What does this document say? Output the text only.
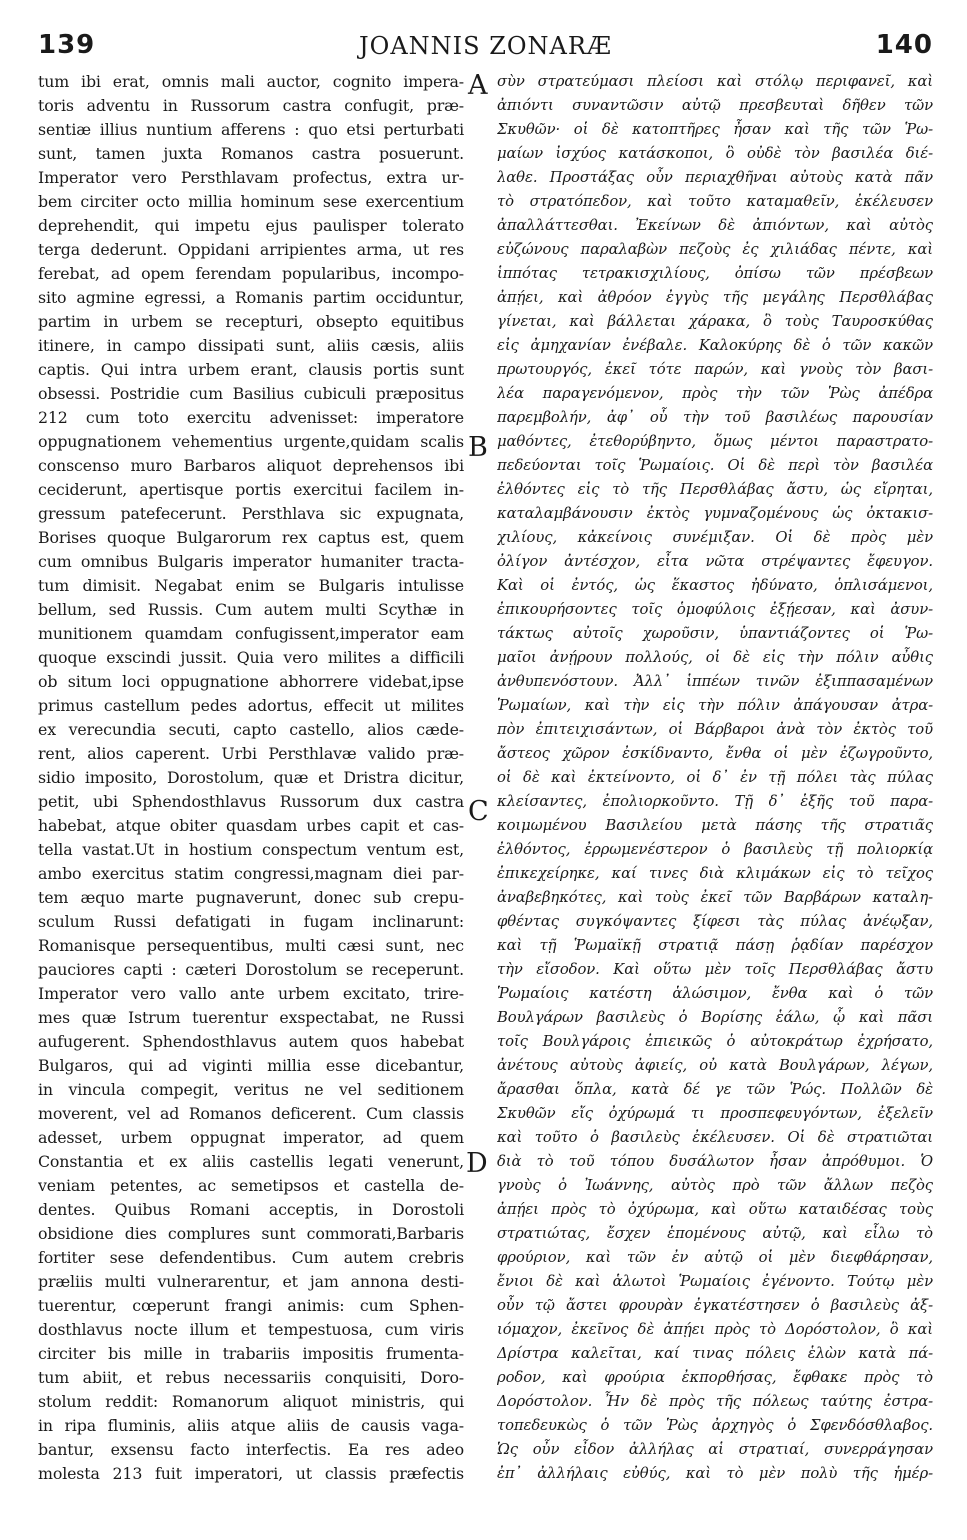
139	JOANNIS ZONARÆ	140
tum ibi erat, omnis mali auctor, cognito impera-
toris adventu in Russorum castra confugit, præ-
sentiæ illius nuntium afferens : quo etsi perturbati
sunt, tamen juxta Romanos castra posuerunt.
Imperator vero Persthlavam profectus, extra ur-
bem circiter octo millia hominum sese exercentium
deprehendit, qui impetu ejus paulisper tolerato
terga dederunt. Oppidani arripientes arma, ut res
ferebat, ad opem ferendam popularibus, incompo-
sito agmine egressi, a Romanis partim occiduntur,
partim in urbem se recepturi, obsepto equitibus
itinere, in campo dissipati sunt, aliis cæsis, aliis
captis. Qui intra urbem erant, clausis portis sunt
obsessi. Postridie cum Basilius cubiculi præpositus
212 cum toto exercitu advenisset: imperatore
oppugnationem vehementius urgente,quidam scalis
conscenso muro Barbaros aliquot deprehensos ibi
ceciderunt, apertisque portis exercitui facilem in-
gressum patefecerunt. Persthlava sic expugnata,
Borises quoque Bulgarorum rex captus est, quem
cum omnibus Bulgaris imperator humaniter tracta-
tum dimisit. Negabat enim se Bulgaris intulisse
bellum, sed Russis. Cum autem multi Scythæ in
munitionem quamdam confugissent,imperator eam
quoque exscindi jussit. Quia vero milites a difficili
ob situm loci oppugnatione abhorrere videbat,ipse
primus castellum pedes adortus, effecit ut milites
ex verecundia secuti, capto castello, alios cæde-
rent, alios caperent. Urbi Persthlavæ valido præ-
sidio imposito, Dorostolum, quæ et Dristra dicitur,
petit, ubi Sphendosthlavus Russorum dux castra
habebat, atque obiter quasdam urbes capit et cas-
tella vastat.Ut in hostium conspectum ventum est,
ambo exercitus statim congressi,magnam diei par-
tem æquo marte pugnaverunt, donec sub crepu-
sculum Russi defatigati in fugam inclinarunt:
Romanisque persequentibus, multi cæsi sunt, nec
pauciores capti : cæteri Dorostolum se receperunt.
Imperator vero vallo ante urbem excitato, trire-
mes quæ Istrum tuerentur exspectabat, ne Russi
aufugerent. Sphendosthlavus autem quos habebat
Bulgaros, qui ad viginti millia esse dicebantur,
in vincula compegit, veritus ne vel seditionem
moverent, vel ad Romanos deficerent. Cum classis
adesset, urbem oppugnat imperator, ad quem
Constantia et ex aliis castellis legati venerunt,
veniam petentes, ac semetipsos et castella de-
dentes. Quibus Romani acceptis, in Dorostoli
obsidione dies complures sunt commorati,Barbaris
fortiter sese defendentibus. Cum autem crebris
præliis multi vulnerarentur, et jam annona desti-
tuerentur, cœperunt frangi animis: cum Sphen-
dosthlavus nocte illum et tempestuosa, cum viris
circiter bis mille in trabariis impositis frumenta-
tum abiit, et rebus necessariis conquisiti, Doro-
stolum reddit: Romanorum aliquot ministris, qui
in ripa fluminis, aliis atque aliis de causis vaga-
bantur, exsensu facto interfectis. Ea res adeo
molesta 213 fuit imperatori, ut classis præfectis
σὺν στρατεύμασι πλείοσι καὶ στόλῳ περιφανεῖ, καὶ
ἀπιόντι συναντῶσιν αὐτῷ πρεσβευταὶ δῆθεν τῶν
Σκυθῶν· οἱ δὲ κατοπτῆρες ἦσαν καὶ τῆς τῶν Ῥω-
μαίων ἰσχύος κατάσκοποι, ὃ οὐδὲ τὸν βασιλέα διέ-
λαθε. Προστάξας οὖν περιαχθῆναι αὐτοὺς κατὰ πᾶν
τὸ στρατόπεδον, καὶ τοῦτο καταμαθεῖν, ἐκέλευσεν
ἀπαλλάττεσθαι. Ἐκείνων δὲ ἀπιόντων, καὶ αὐτὸς
εὐζώνους παραλαβὼν πεζοὺς ἐς χιλιάδας πέντε, καὶ
ἱππότας τετρακισχιλίους, ὀπίσω τῶν πρέσβεων
ἀπῄει, καὶ ἀθρόον ἐγγὺς τῆς μεγάλης Περσθλάβας
γίνεται, καὶ βάλλεται χάρακα, ὃ τοὺς Ταυροσκύθας
εἰς ἀμηχανίαν ἐνέβαλε. Καλοκύρης δὲ ὁ τῶν κακῶν
πρωτουργός, ἐκεῖ τότε παρών, καὶ γνοὺς τὸν βασι-
λέα παραγενόμενον, πρὸς τὴν τῶν Ῥὼς ἀπέδρα
παρεμβολήν, ἀφ᾽ οὗ τὴν τοῦ βασιλέως παρουσίαν
μαθόντες, ἐτεθορύβηντο, ὅμως μέντοι παραστρατο-
πεδεύονται τοῖς Ῥωμαίοις. Οἱ δὲ περὶ τὸν βασιλέα
ἐλθόντες εἰς τὸ τῆς Περσθλάβας ἄστυ, ὡς εἴρηται,
καταλαμβάνουσιν ἐκτὸς γυμναζομένους ὡς ὀκτακισ-
χιλίους, κἀκείνοις συνέμιξαν. Οἱ δὲ πρὸς μὲν
ὀλίγον ἀντέσχον, εἶτα νῶτα στρέψαντες ἔφευγον.
Καὶ οἱ ἐντός, ὡς ἕκαστος ἠδύνατο, ὁπλισάμενοι,
ἐπικουρήσοντες τοῖς ὁμοφύλοις ἐξῄεσαν, καὶ ἀσυν-
τάκτως αὐτοῖς χωροῦσιν, ὑπαντιάζοντες οἱ Ῥω-
μαῖοι ἀνῄρουν πολλούς, οἱ δὲ εἰς τὴν πόλιν αὖθις
ἀνθυπενόστουν. Ἀλλ᾽ ἱππέων τινῶν ἐξιππασαμένων
Ῥωμαίων, καὶ τὴν εἰς τὴν πόλιν ἀπάγουσαν ἀτρα-
πὸν ἐπιτειχισάντων, οἱ Βάρβαροι ἀνὰ τὸν ἐκτὸς τοῦ
ἄστεος χῶρον ἐσκίδναντο, ἔνθα οἱ μὲν ἐζωγροῦντο,
οἱ δὲ καὶ ἐκτείνοντο, οἱ δ᾽ ἐν τῇ πόλει τὰς πύλας
κλείσαντες, ἐπολιορκοῦντο. Τῇ δ᾽ ἑξῆς τοῦ παρα-
κοιμωμένου Βασιλείου μετὰ πάσης τῆς στρατιᾶς
ἐλθόντος, ἐρρωμενέστερον ὁ βασιλεὺς τῇ πολιορκίᾳ
ἐπικεχείρηκε, καί τινες διὰ κλιμάκων εἰς τὸ τεῖχος
ἀναβεβηκότες, καὶ τοὺς ἐκεῖ τῶν Βαρβάρων καταλη-
φθέντας συγκόψαντες ξίφεσι τὰς πύλας ἀνέῳξαν,
καὶ τῇ Ῥωμαϊκῇ στρατιᾷ πάσῃ ῥᾳδίαν παρέσχον
τὴν εἴσοδον. Καὶ οὕτω μὲν τοῖς Περσθλάβας ἄστυ
Ῥωμαίοις κατέστη ἁλώσιμον, ἔνθα καὶ ὁ τῶν
Βουλγάρων βασιλεὺς ὁ Βορίσης ἑάλω, ᾧ καὶ πᾶσι
τοῖς Βουλγάροις ἐπιεικῶς ὁ αὐτοκράτωρ ἐχρήσατο,
ἀνέτους αὐτοὺς ἀφιείς, οὐ κατὰ Βουλγάρων, λέγων,
ἄρασθαι ὅπλα, κατὰ δέ γε τῶν Ῥώς. Πολλῶν δὲ
Σκυθῶν εἴς ὀχύρωμά τι προσπεφευγόντων, ἐξελεῖν
καὶ τοῦτο ὁ βασιλεὺς ἐκέλευσεν. Οἱ δὲ στρατιῶται
διὰ τὸ τοῦ τόπου δυσάλωτον ἦσαν ἀπρόθυμοι. Ὁ
γνοὺς ὁ Ἰωάννης, αὐτὸς πρὸ τῶν ἄλλων πεζὸς
ἀπῄει πρὸς τὸ ὀχύρωμα, καὶ οὕτω καταιδέσας τοὺς
στρατιώτας, ἔσχεν ἑπομένους αὐτῷ, καὶ εἷλω τὸ
φρούριον, καὶ τῶν ἐν αὐτῷ οἱ μὲν διεφθάρησαν,
ἔνιοι δὲ καὶ ἁλωτοὶ Ῥωμαίοις ἐγένοντο. Τούτῳ μὲν
οὖν τῷ ἄστει φρουρὰν ἐγκατέστησεν ὁ βασιλεὺς ἀξ-
ιόμαχον, ἐκεῖνος δὲ ἀπῄει πρὸς τὸ Δορόστολον, ὃ καὶ
Δρίστρα καλεῖται, καί τινας πόλεις ἑλὼν κατὰ πά-
ροδον, καὶ φρούρια ἐκπορθήσας, ἔφθακε πρὸς τὸ
Δορόστολον. Ἦν δὲ πρὸς τῆς πόλεως ταύτης ἐστρα-
τοπεδευκὼς ὁ τῶν Ῥὼς ἀρχηγὸς ὁ Σφενδόσθλαβος.
Ὡς οὖν εἶδον ἀλλήλας αἱ στρατιαί, συνερράγησαν
ἐπ᾽ ἀλλήλαις εὐθύς, καὶ τὸ μὲν πολὺ τῆς ἡμέρ-
A
B
C
D
